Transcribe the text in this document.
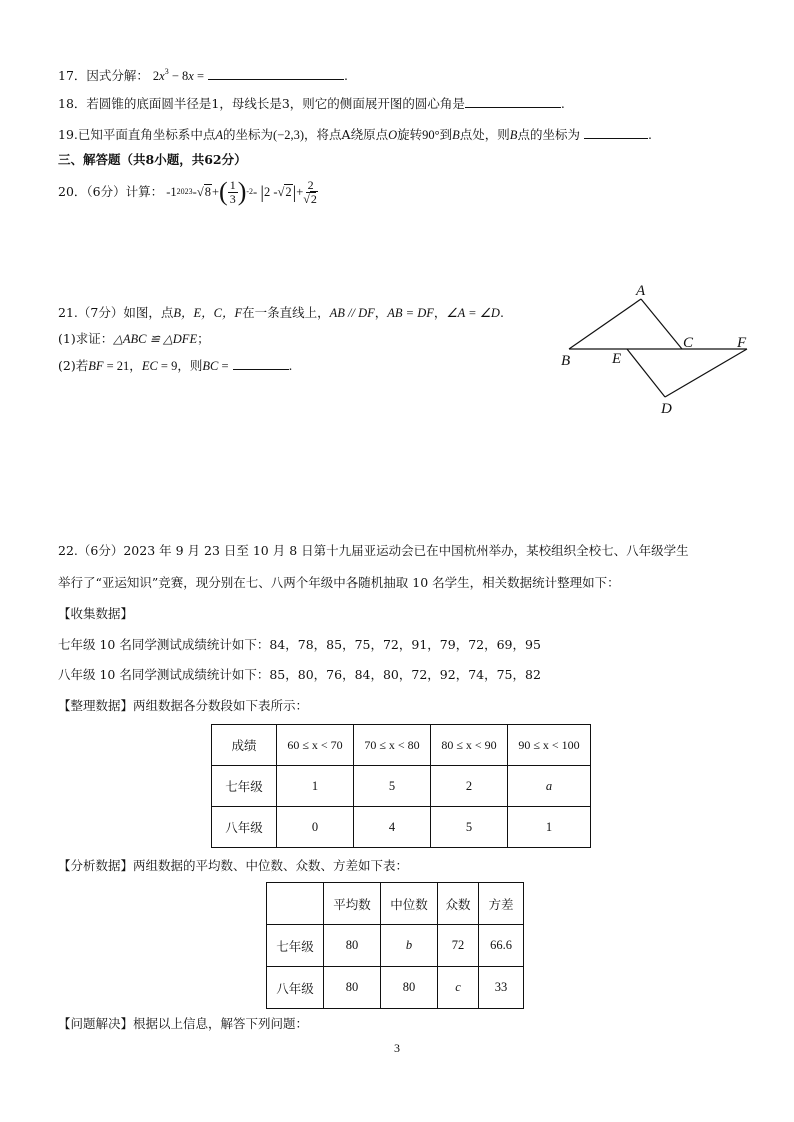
17．因式分解： $2x^3 - 8x$ =	.
18．若圆锥的底面圆半径是1，母线长是3，则它的侧面展开图的圆心角是	.
19.已知平面直角坐标系中点A的坐标为(−2,3)，将点A绕原点O旋转90°到B点处，则B点的坐标为	.
三、解答题（共8小题，共62分）
20．（6分）计算：
-1 2023 - √8 + ( $\frac{1}{3}$ ) -2 -
| 2 - √2 | + $\frac{2}{√2}$
21.（7分）如图，点B，E，C，F在一条直线上，AB // DF，AB = DF，∠A = ∠D.
(1)求证：△ABC ≌ △DFE；
(2)若BF = 21，EC = 9，则BC =	.
A
B	E
C	F
D
22.（6分）2023 年 9 月 23 日至 10 月 8 日第十九届亚运动会已在中国杭州举办，某校组织全校七、八年级学生
举行了“亚运知识”竞赛，现分别在七、八两个年级中各随机抽取 10 名学生，相关数据统计整理如下：
【收集数据】
七年级 10 名同学测试成绩统计如下：84，78，85，75，72，91，79，72，69，95
八年级 10 名同学测试成绩统计如下：85，80，76，84，80，72，92，74，75，82
【整理数据】两组数据各分数段如下表所示：
成绩	60 ≤ x < 70	70 ≤ x < 80	80 ≤ x < 90	90 ≤ x < 100
七年级	1	5	2	a
八年级	0	4	5	1
【分析数据】两组数据的平均数、中位数、众数、方差如下表：
	平均数	中位数	众数	方差
七年级	80	b	72	66.6
八年级	80	80	c	33
【问题解决】根据以上信息，解答下列问题：
3
